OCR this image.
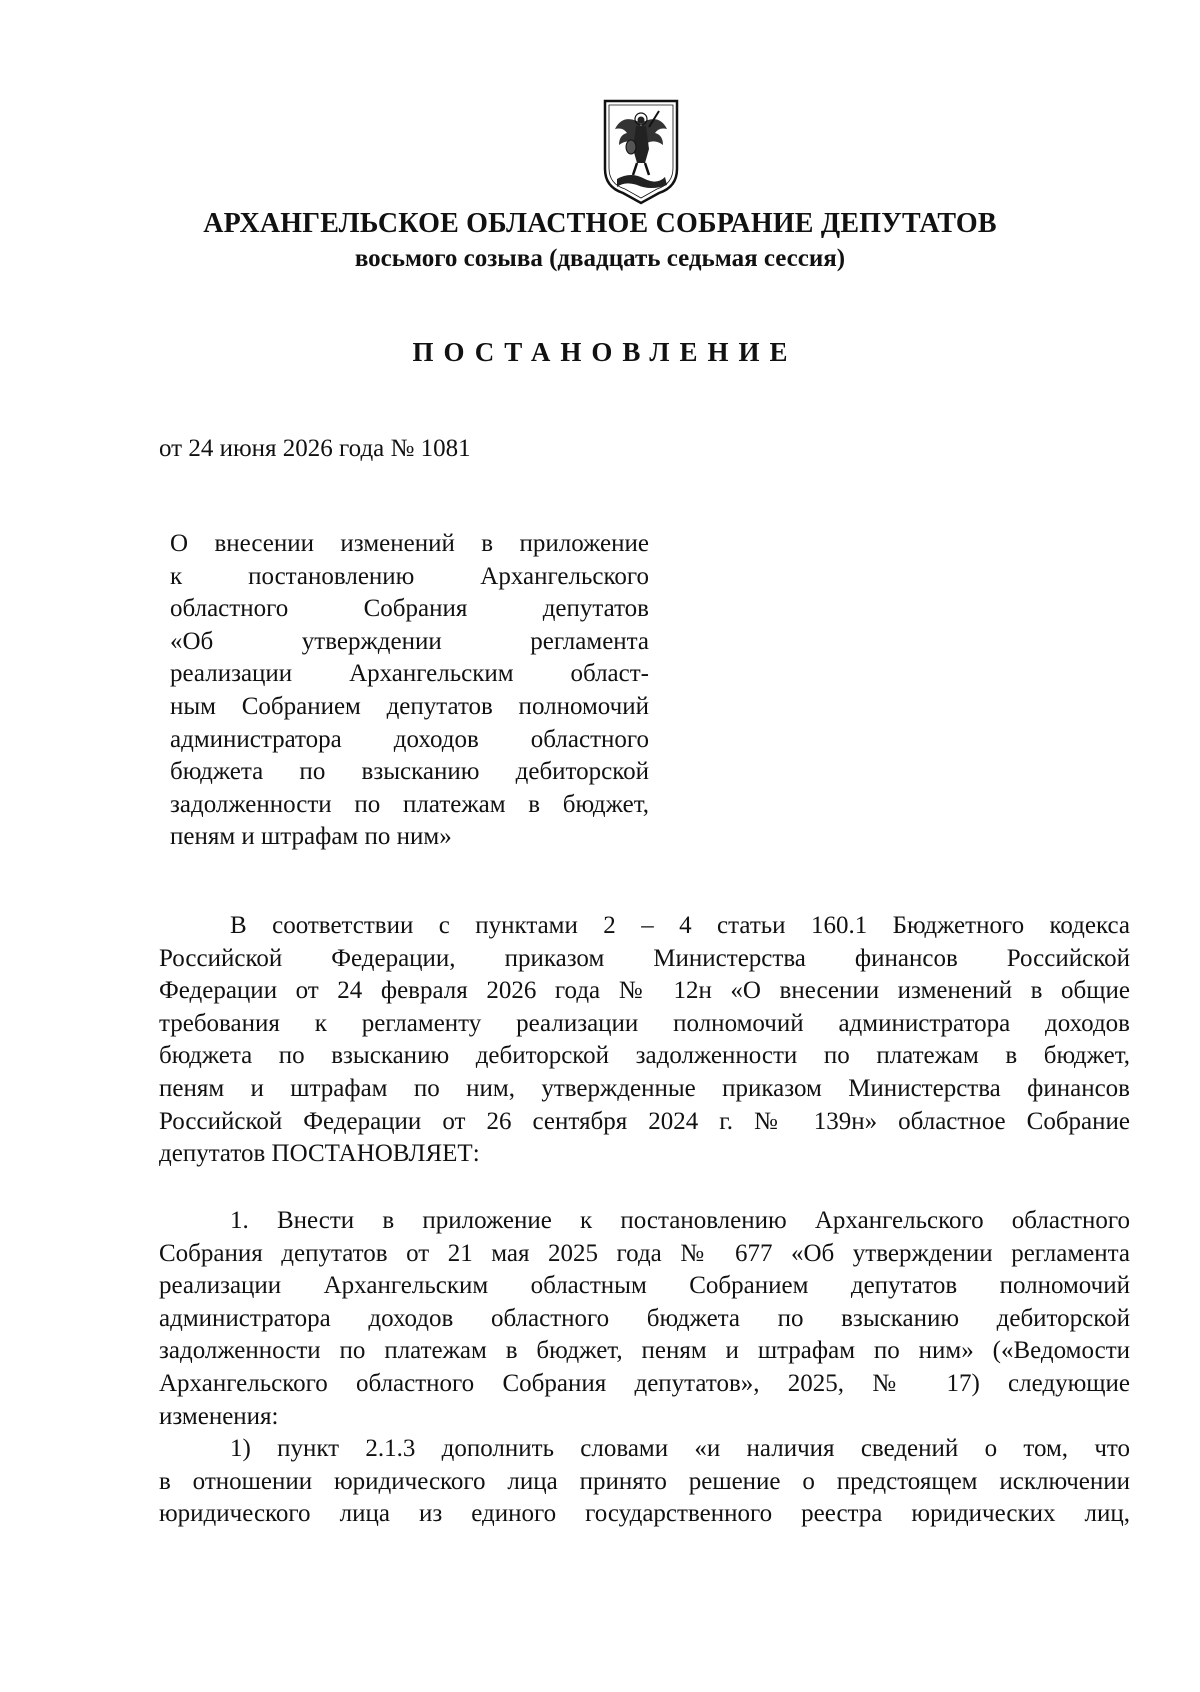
АРХАНГЕЛЬСКОЕ ОБЛАСТНОЕ СОБРАНИЕ ДЕПУТАТОВ
восьмого созыва (двадцать седьмая сессия)
ПОСТАНОВЛЕНИЕ
от 24 июня 2026 года № 1081
О внесении изменений в приложение
к постановлению Архангельского
областного Собрания депутатов
«Об утверждении регламента
реализации Архангельским област-
ным Собранием депутатов полномочий
администратора доходов областного
бюджета по взысканию дебиторской
задолженности по платежам в бюджет,
пеням и штрафам по ним»
В соответствии с пунктами 2 – 4 статьи 160.1 Бюджетного кодекса
Российской Федерации, приказом Министерства финансов Российской
Федерации от 24 февраля 2026 года № 12н «О внесении изменений в общие
требования к регламенту реализации полномочий администратора доходов
бюджета по взысканию дебиторской задолженности по платежам в бюджет,
пеням и штрафам по ним, утвержденные приказом Министерства финансов
Российской Федерации от 26 сентября 2024 г. № 139н» областное Собрание
депутатов ПОСТАНОВЛЯЕТ:
1. Внести в приложение к постановлению Архангельского областного
Собрания депутатов от 21 мая 2025 года № 677 «Об утверждении регламента
реализации Архангельским областным Собранием депутатов полномочий
администратора доходов областного бюджета по взысканию дебиторской
задолженности по платежам в бюджет, пеням и штрафам по ним» («Ведомости
Архангельского областного Собрания депутатов», 2025, № 17) следующие
изменения:
1) пункт 2.1.3 дополнить словами «и наличия сведений о том, что
в отношении юридического лица принято решение о предстоящем исключении
юридического лица из единого государственного реестра юридических лиц,
